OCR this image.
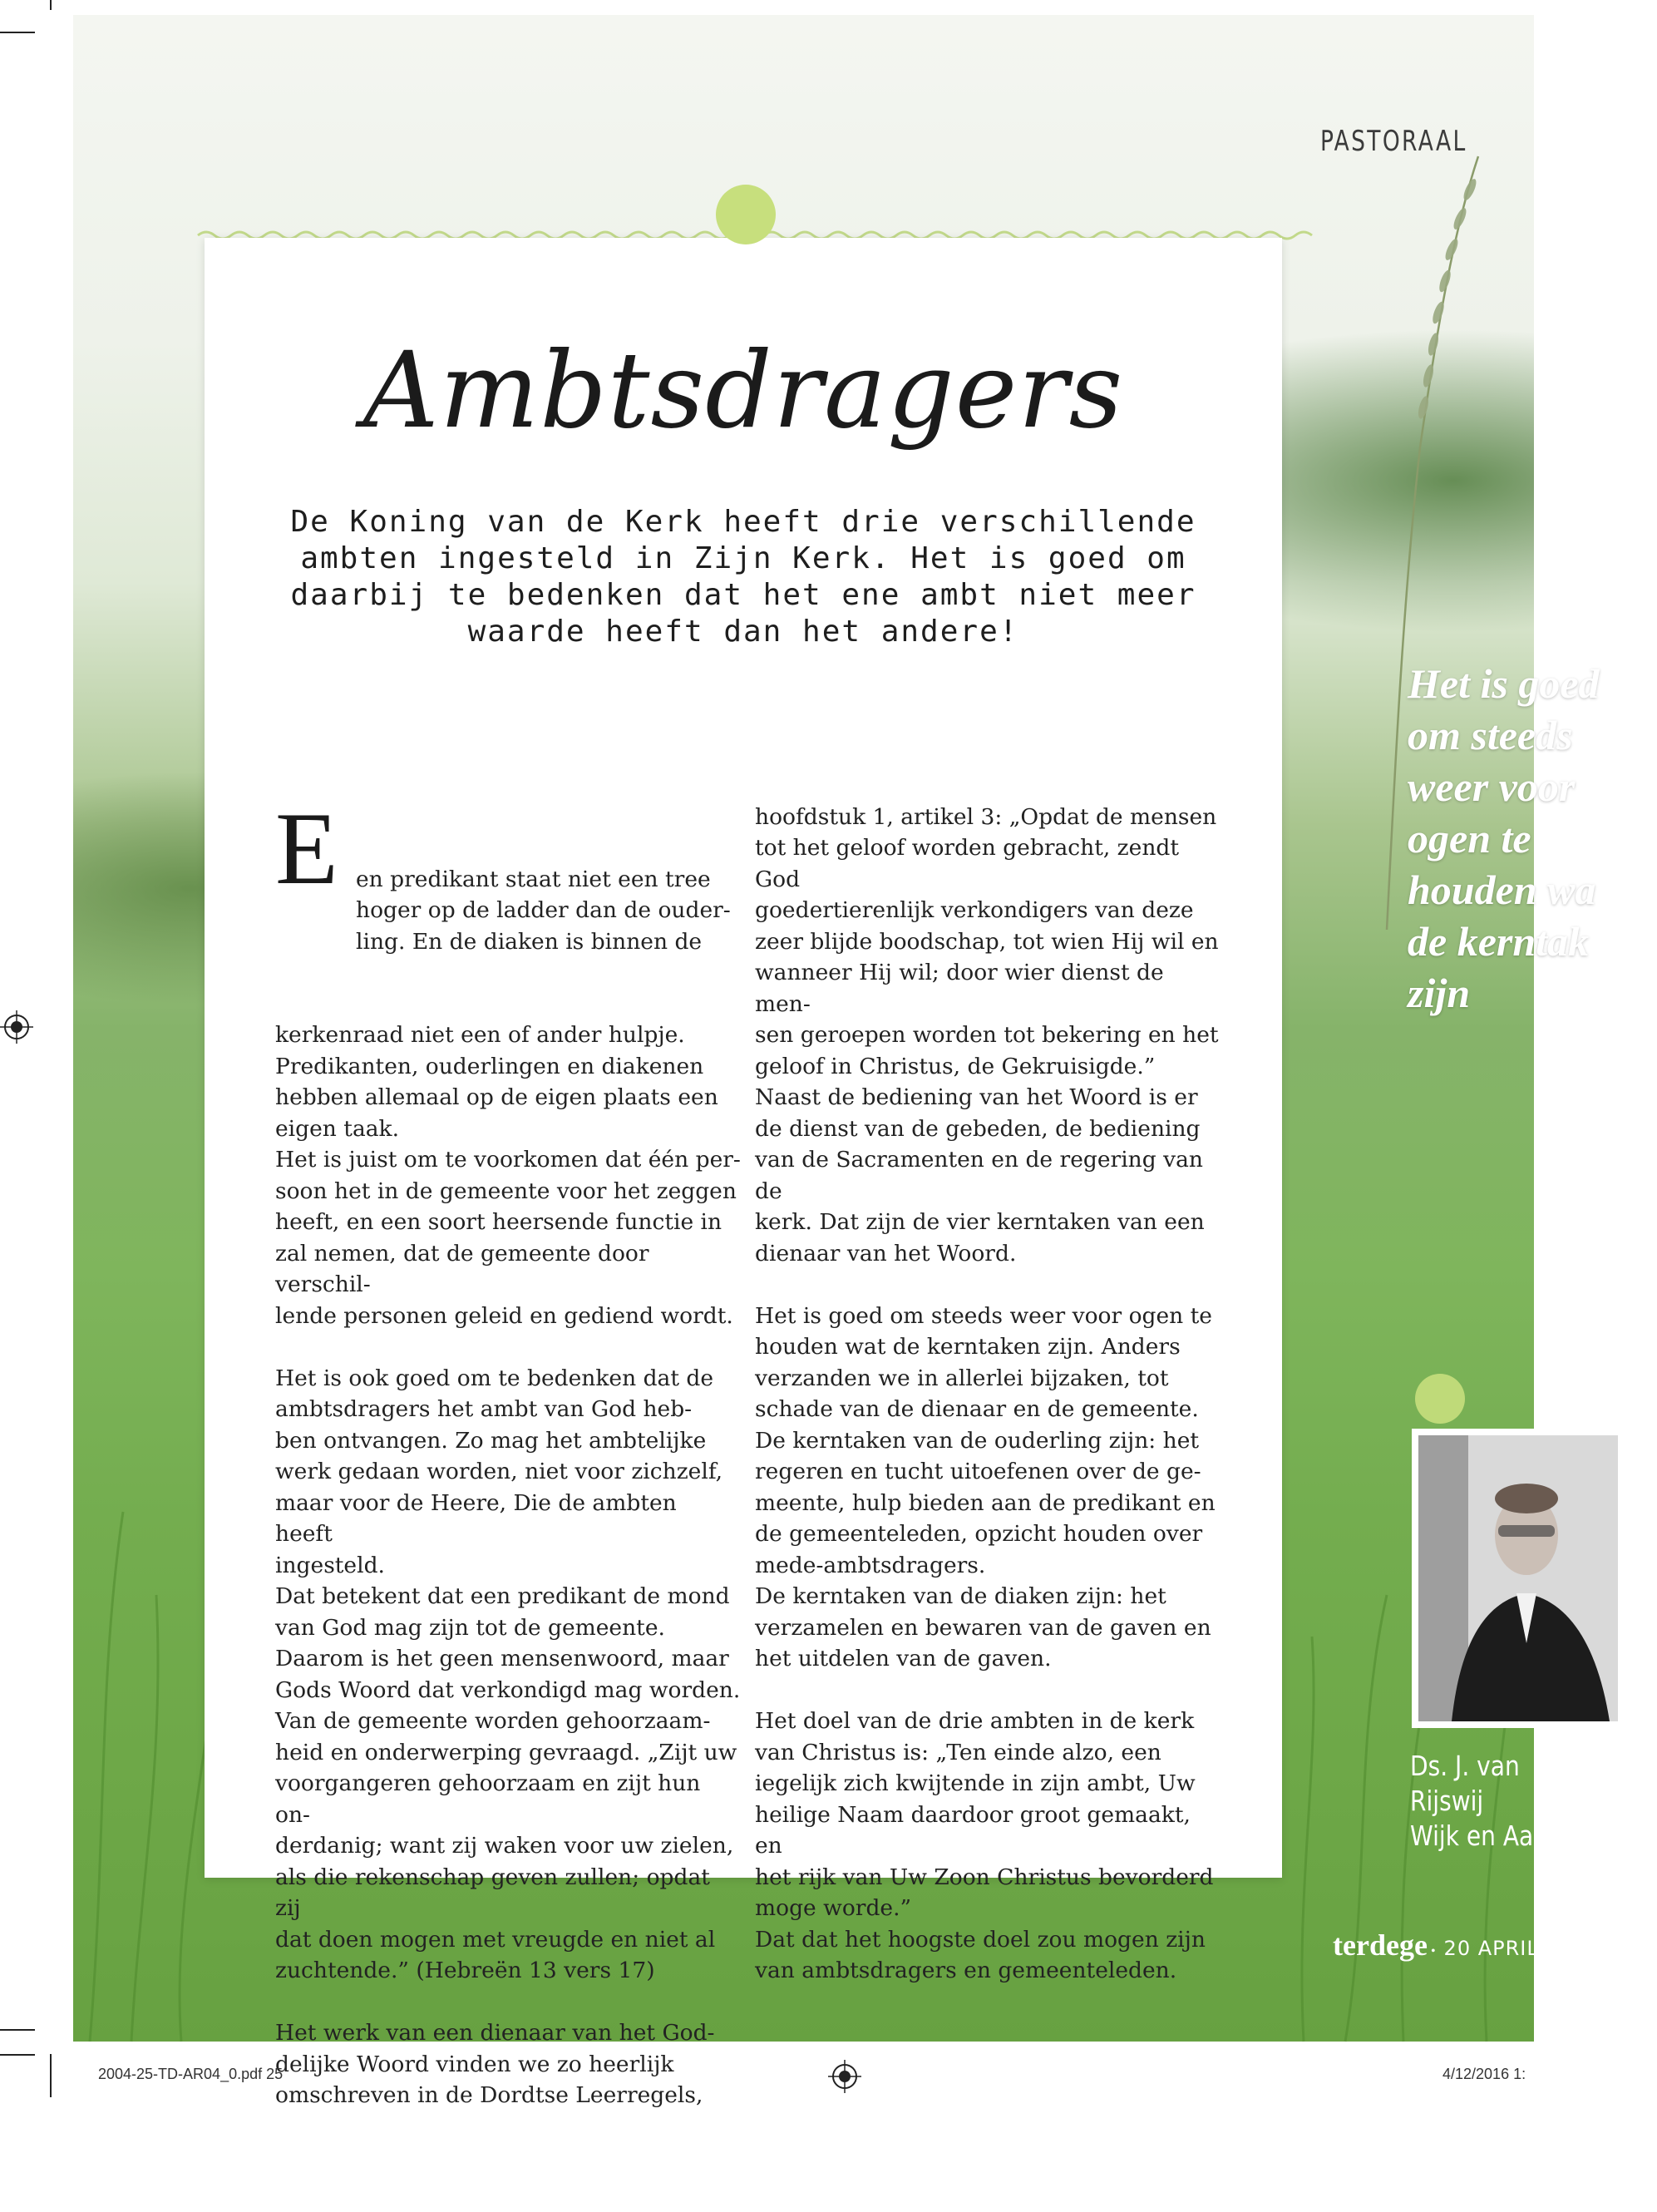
PASTORAAL
Ambtsdragers
De Koning van de Kerk heeft drie verschillende
ambten ingesteld in Zijn Kerk. Het is goed om
daarbij te bedenken dat het ene ambt niet meer
waarde heeft dan het andere!

E en predikant staat niet een tree
hoger op de ladder dan de ouder-
ling. En de diaken is binnen de

kerkenraad niet een of ander hulpje.
Predikanten, ouderlingen en diakenen
hebben allemaal op de eigen plaats een
eigen taak.
Het is juist om te voorkomen dat één per-
soon het in de gemeente voor het zeggen
heeft, en een soort heersende functie in
zal nemen, dat de gemeente door verschil-
lende personen geleid en gediend wordt.

Het is ook goed om te bedenken dat de
ambtsdragers het ambt van God heb-
ben ontvangen. Zo mag het ambtelijke
werk gedaan worden, niet voor zichzelf,
maar voor de Heere, Die de ambten heeft
ingesteld.
Dat betekent dat een predikant de mond
van God mag zijn tot de gemeente.
Daarom is het geen mensenwoord, maar
Gods Woord dat verkondigd mag worden.
Van de gemeente worden gehoorzaam-
heid en onderwerping gevraagd. „Zijt uw
voorgangeren gehoorzaam en zijt hun on-
derdanig; want zij waken voor uw zielen,
als die rekenschap geven zullen; opdat zij
dat doen mogen met vreugde en niet al
zuchtende.” (Hebreën 13 vers 17)

Het werk van een dienaar van het God-
delijke Woord vinden we zo heerlijk
omschreven in de Dordtse Leerregels,

hoofdstuk 1, artikel 3: „Opdat de mensen
tot het geloof worden gebracht, zendt God
goedertierenlijk verkondigers van deze
zeer blijde boodschap, tot wien Hij wil en
wanneer Hij wil; door wier dienst de men-
sen geroepen worden tot bekering en het
geloof in Christus, de Gekruisigde.”
Naast de bediening van het Woord is er
de dienst van de gebeden, de bediening
van de Sacramenten en de regering van de
kerk. Dat zijn de vier kerntaken van een
dienaar van het Woord.

Het is goed om steeds weer voor ogen te
houden wat de kerntaken zijn. Anders
verzanden we in allerlei bijzaken, tot
schade van de dienaar en de gemeente.
De kerntaken van de ouderling zijn: het
regeren en tucht uitoefenen over de ge-
meente, hulp bieden aan de predikant en
de gemeenteleden, opzicht houden over
mede-ambtsdragers.
De kerntaken van de diaken zijn: het
verzamelen en bewaren van de gaven en
het uitdelen van de gaven.

Het doel van de drie ambten in de kerk
van Christus is: „Ten einde alzo, een
iegelijk zich kwijtende in zijn ambt, Uw
heilige Naam daardoor groot gemaakt, en
het rijk van Uw Zoon Christus bevorderd
moge worde.”
Dat dat het hoogste doel zou mogen zijn
van ambtsdragers en gemeenteleden.

Het is goed
om steeds
weer voor
ogen te
houden wa
de kerntak
zijn
Ds. J. van Rijswij
Wijk en Aalburg
terdege • 20 APRIL 2016
2004-25-TD-AR04_0.pdf 25	4/12/2016 1:
